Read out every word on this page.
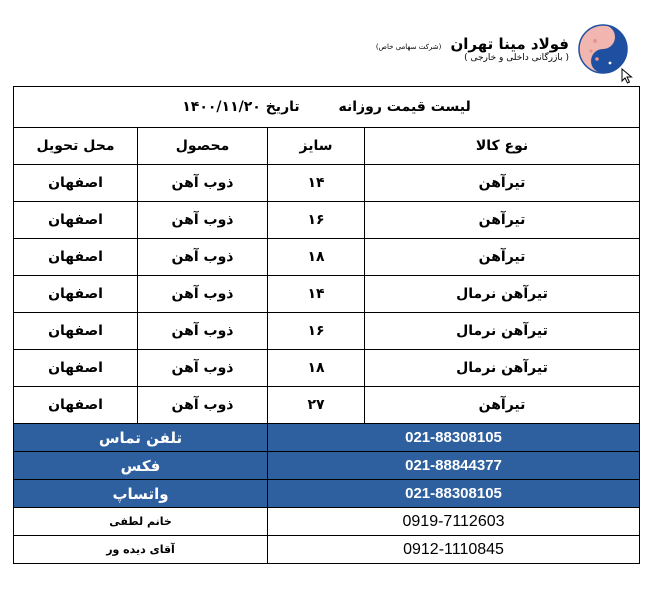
فولاد مینا تهران (شرکت سهامی خاص)
( بازرگانی داخلی و خارجی )
لیست قیمت روزانه تاریخ ۱۴۰۰/۱۱/۲۰			
نوع کالا	سایز	محصول	محل تحویل
تیرآهن	۱۴	ذوب آهن	اصفهان
تیرآهن	۱۶	ذوب آهن	اصفهان
تیرآهن	۱۸	ذوب آهن	اصفهان
تیرآهن نرمال	۱۴	ذوب آهن	اصفهان
تیرآهن نرمال	۱۶	ذوب آهن	اصفهان
تیرآهن نرمال	۱۸	ذوب آهن	اصفهان
تیرآهن	۲۷	ذوب آهن	اصفهان
021-88308105		تلفن تماس	
021-88844377		فکس	
021-88308105		واتساپ	
0919-7112603		خانم لطفی	
0912-1110845		آقای دیده ور	
